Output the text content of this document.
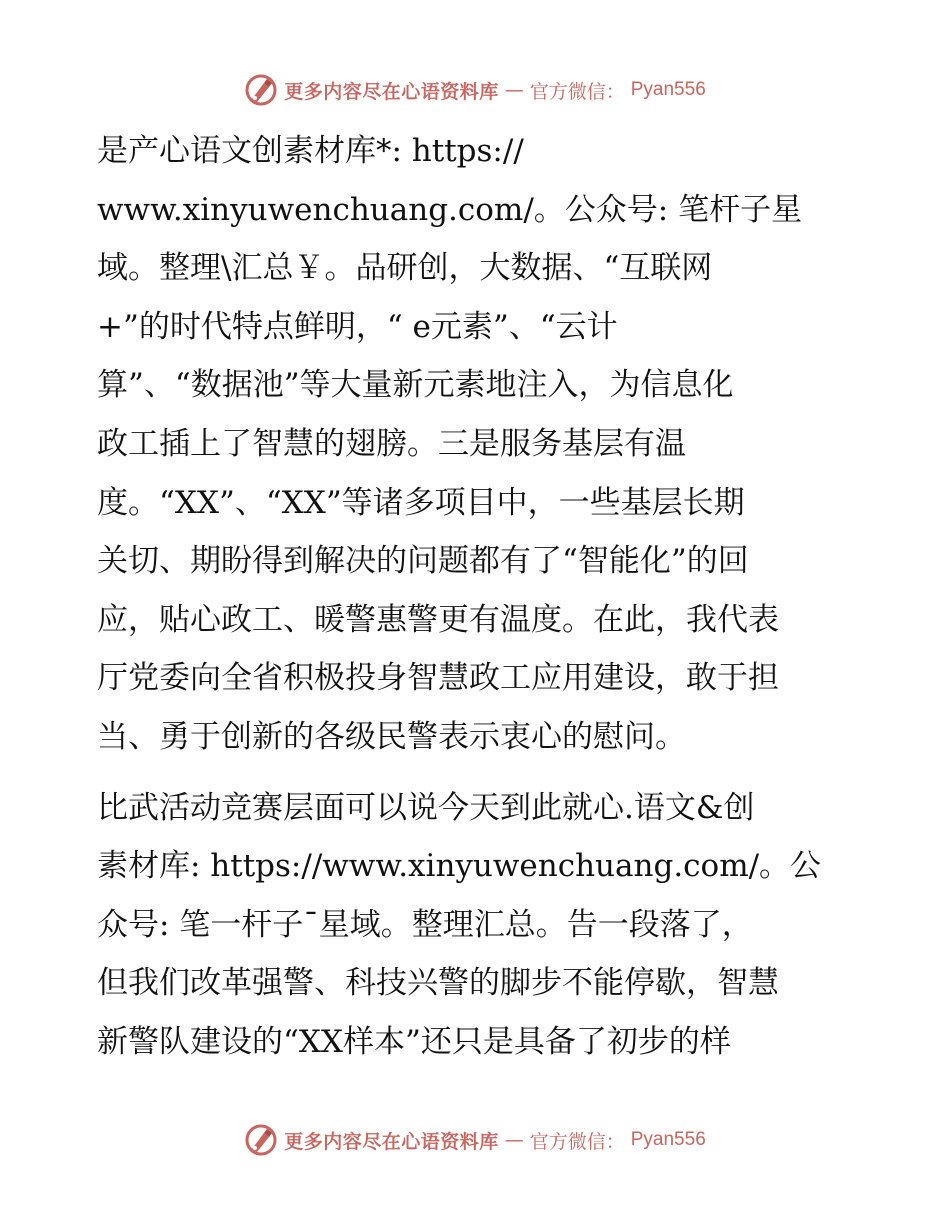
更多内容尽在心语资料库 — 官方微信： Pyan556

是产心语文创素材库*: https://
www.xinyuwenchuang.com/。公众号: 笔杆子星
域。整理\汇总￥。品研创，大数据、“互联网
+”的时代特点鲜明，“ e元素”、“云计
算”、“数据池”等大量新元素地注入，为信息化
政工插上了智慧的翅膀。三是服务基层有温
度。“XX”、“XX”等诸多项目中，一些基层长期
关切、期盼得到解决的问题都有了“智能化”的回
应，贴心政工、暖警惠警更有温度。在此，我代表
厅党委向全省积极投身智慧政工应用建设，敢于担
当、勇于创新的各级民警表示衷心的慰问。

比武活动竞赛层面可以说今天到此就心.语文&创
素材库: https://www.xinyuwenchuang.com/。公
众号: 笔一杆子¯星域。整理汇总。告一段落了，
但我们改革强警、科技兴警的脚步不能停歇，智慧
新警队建设的“XX样本”还只是具备了初步的样

更多内容尽在心语资料库 — 官方微信： Pyan556
